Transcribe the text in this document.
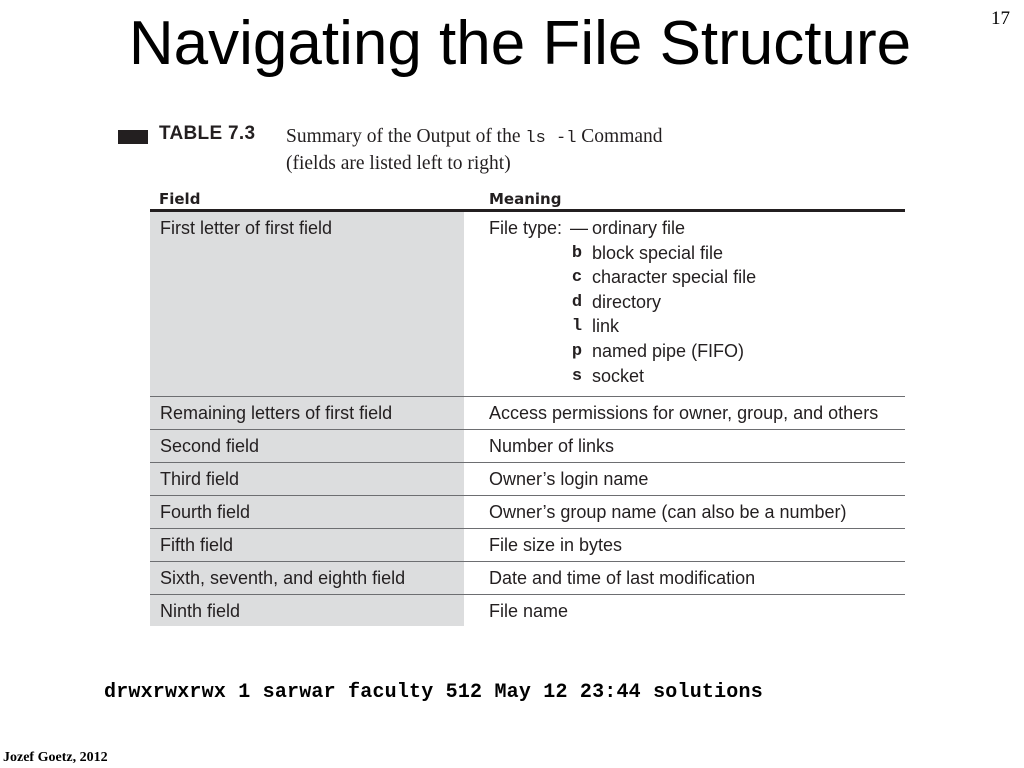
Navigating the File Structure	17
TABLE 7.3 Summary of the Output of the ls -l Command
(fields are listed left to right)
Field	Meaning
First letter of first field	File type: — ordinary file
b block special file
c character special file
d directory
l link
p named pipe (FIFO)
s socket
Remaining letters of first field	Access permissions for owner, group, and others
Second field	Number of links
Third field	Owner’s login name
Fourth field	Owner’s group name (can also be a number)
Fifth field	File size in bytes
Sixth, seventh, and eighth field	Date and time of last modification
Ninth field	File name
drwxrwxrwx 1 sarwar faculty 512 May 12 23:44 solutions
Jozef Goetz, 2012
